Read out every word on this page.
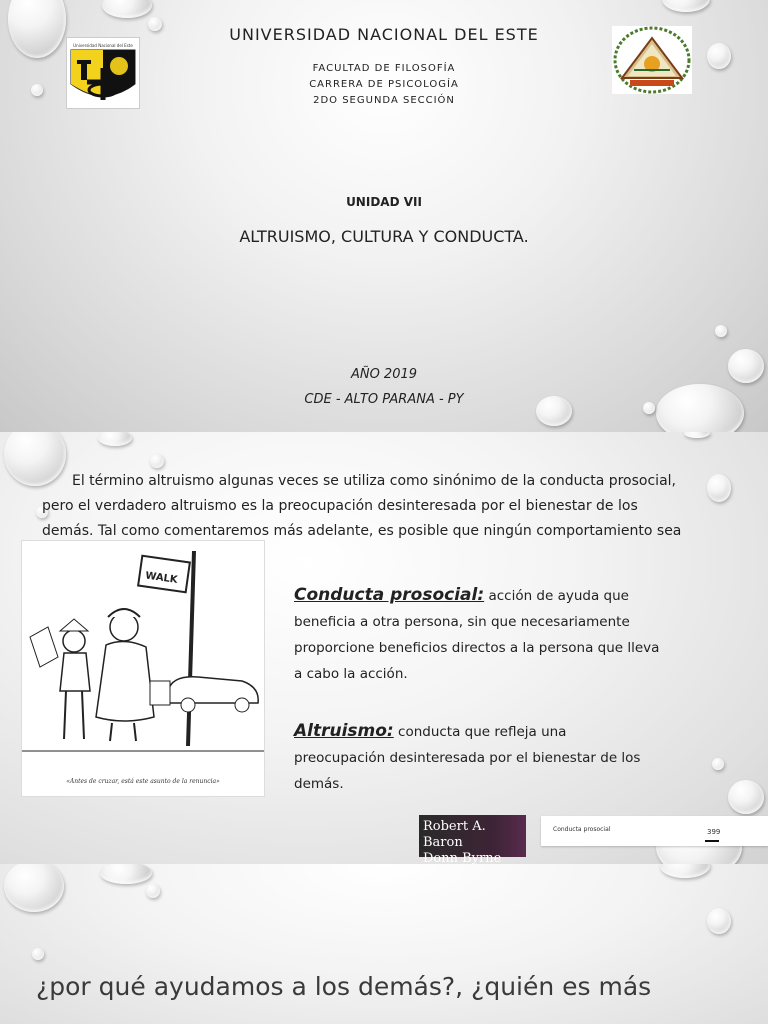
Universidad Nacional del Este
UNIVERSIDAD NACIONAL DEL ESTE
FACULTAD DE FILOSOFÍA
CARRERA DE PSICOLOGÍA
2DO SEGUNDA SECCIÓN
UNIDAD VII
ALTRUISMO, CULTURA Y CONDUCTA.
AÑO 2019
CDE - ALTO PARANA - PY
El término altruismo algunas veces se utiliza como sinónimo de la conducta prosocial,
pero el verdadero altruismo es la preocupación desinteresada por el bienestar de los
demás. Tal como comentaremos más adelante, es posible que ningún comportamiento sea
WALK
«Antes de cruzar, está este asunto de la renuncia»
Conducta prosocial: acción de ayuda que
beneficia a otra persona, sin que necesariamente
proporcione beneficios directos a la persona que lleva
a cabo la acción.
Altruismo: conducta que refleja una
preocupación desinteresada por el bienestar de los
demás.
Robert A. Baron
Donn Byrne
Conducta prosocial	399
¿por qué ayudamos a los demás?, ¿quién es más
